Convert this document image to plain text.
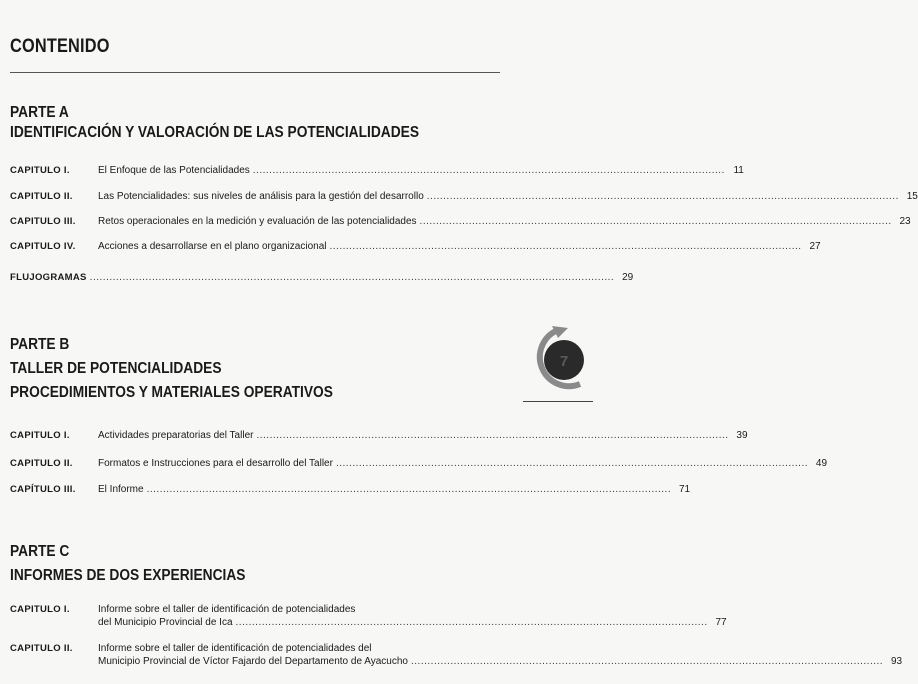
CONTENIDO
PARTE A
IDENTIFICACIÓN Y VALORACIÓN DE LAS POTENCIALIDADES
CAPITULO I.	El Enfoque de las Potencialidades ................................................................................................................................................ 11
CAPITULO II.	Las Potencialidades: sus niveles de análisis para la gestión del desarrollo ................................................................................................................................................ 15
CAPITULO III.	Retos operacionales en la medición y evaluación de las potencialidades ................................................................................................................................................ 23
CAPITULO IV.	Acciones a desarrollarse en el plano organizacional ................................................................................................................................................ 27
FLUJOGRAMAS ................................................................................................................................................................ 29
PARTE B
TALLER DE POTENCIALIDADES
PROCEDIMIENTOS Y MATERIALES OPERATIVOS
CAPITULO I.	Actividades preparatorias del Taller ................................................................................................................................................ 39
CAPITULO II.	Formatos e Instrucciones para el desarrollo del Taller ................................................................................................................................................ 49
CAPÍTULO III.	El Informe ................................................................................................................................................................ 71
PARTE C
INFORMES DE DOS EXPERIENCIAS
CAPITULO I.	Informe sobre el taller de identificación de potencialidades
del Municipio Provincial de Ica ................................................................................................................................................ 77
CAPITULO II.	Informe sobre el taller de identificación de potencialidades del
Municipio Provincial de Víctor Fajardo del Departamento de Ayacucho ................................................................................................................................................ 93
7
